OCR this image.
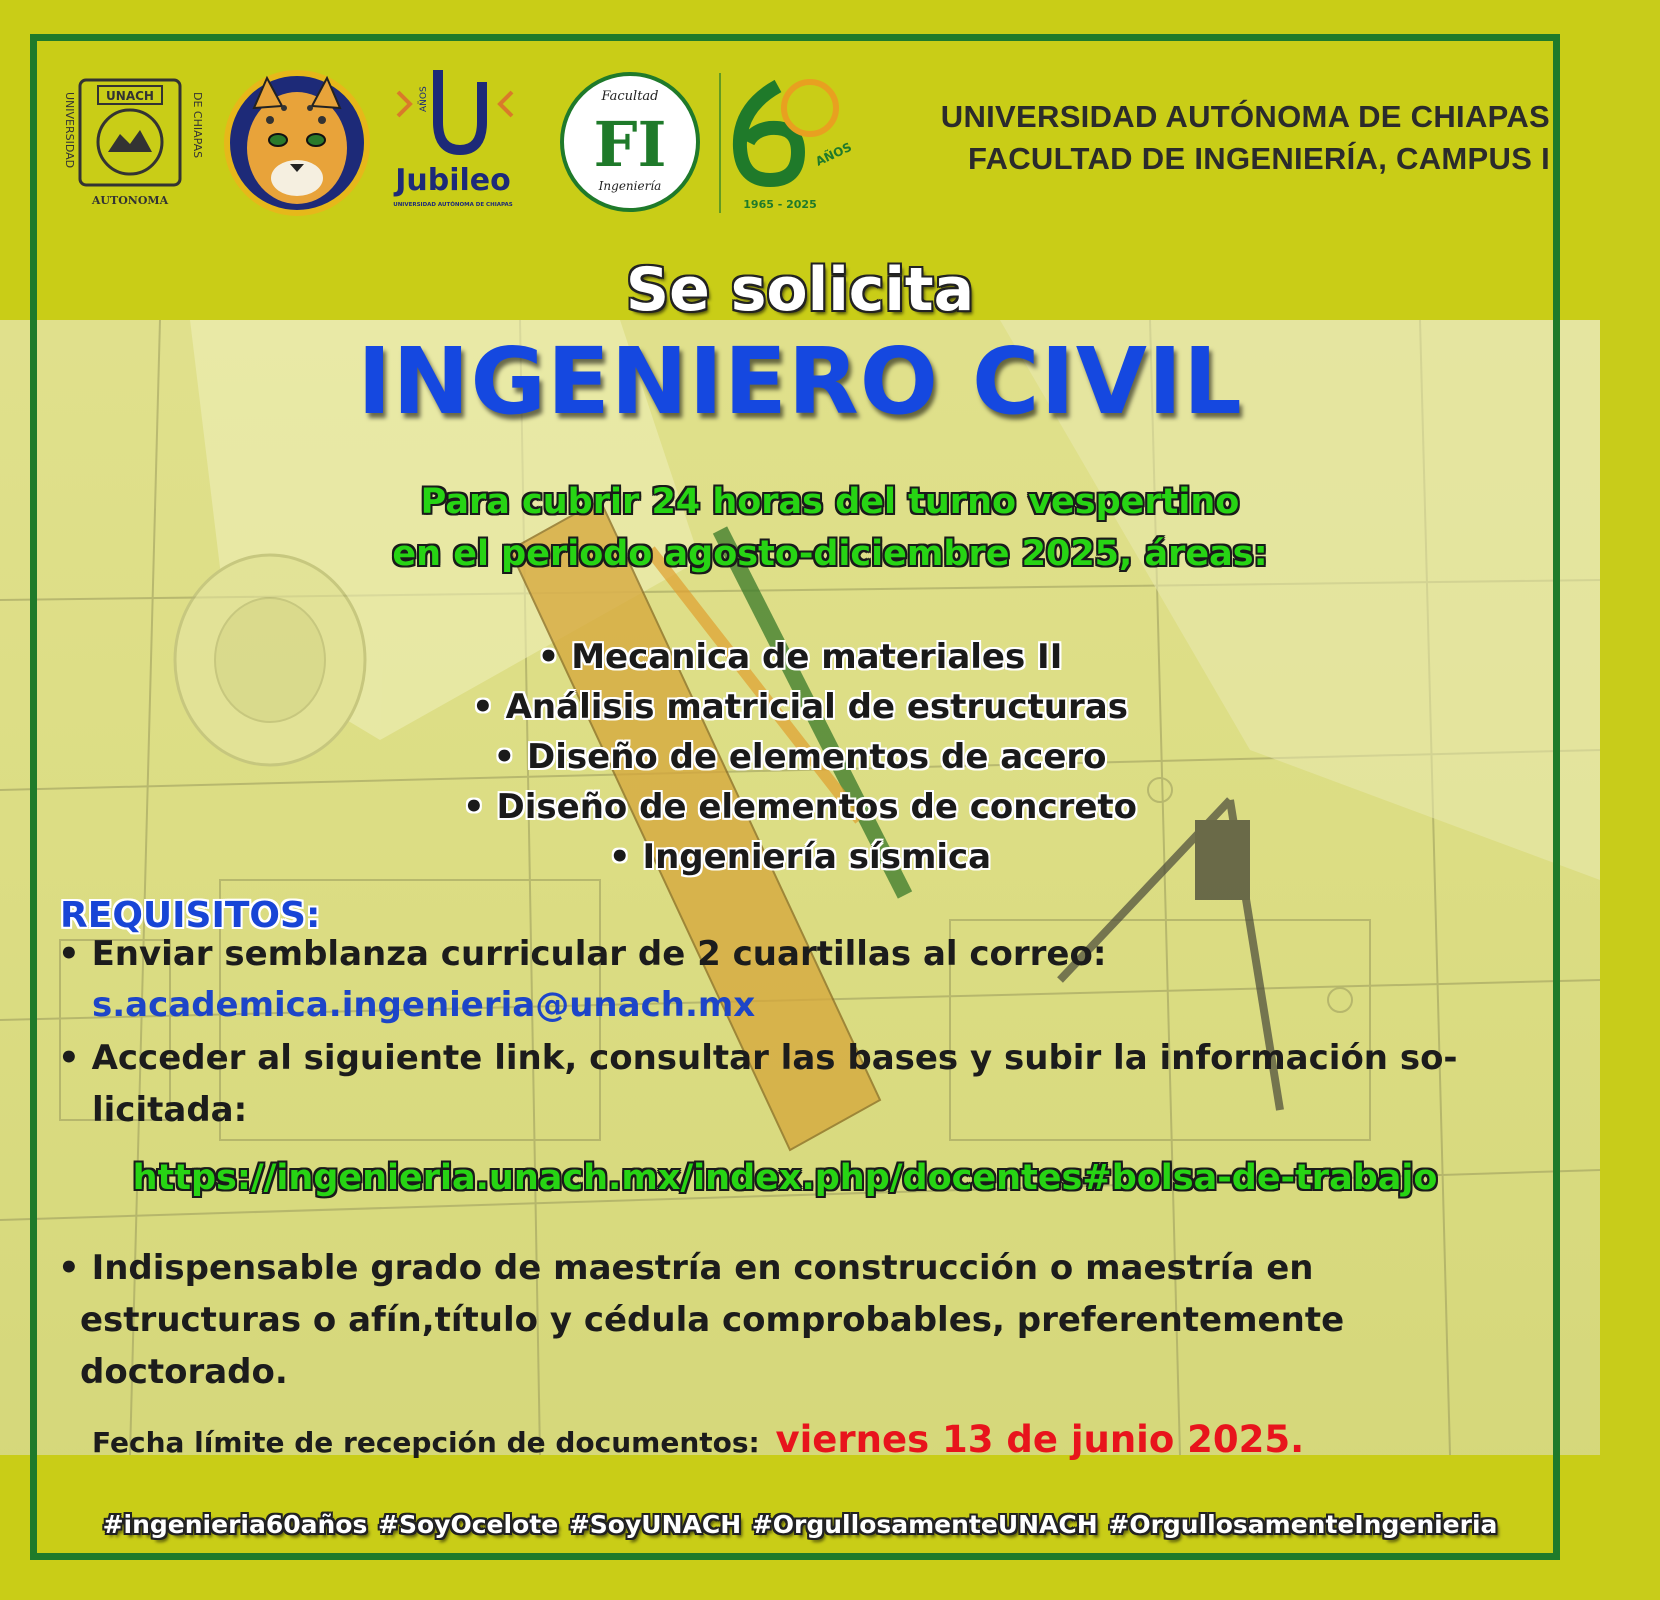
UNIVERSIDAD	DE CHIAPAS
UNACH
AUTONOMA
AÑOS
Jubileo
UNIVERSIDAD AUTÓNOMA DE CHIAPAS
Facultad
FI
Ingeniería
AÑOS
1965 - 2025
UNIVERSIDAD AUTÓNOMA DE CHIAPAS
FACULTAD DE INGENIERÍA, CAMPUS I
Se solicita
INGENIERO CIVIL
Para cubrir 24 horas del turno vespertino
en el periodo agosto-diciembre 2025, áreas:
• Mecanica de materiales II
• Análisis matricial de estructuras
• Diseño de elementos de acero
• Diseño de elementos de concreto
• Ingeniería sísmica
REQUISITOS:
• Enviar semblanza curricular de 2 cuartillas al correo:
s.academica.ingenieria@unach.mx
• Acceder al siguiente link, consultar las bases y subir la información so-
licitada:
https://ingenieria.unach.mx/index.php/docentes#bolsa-de-trabajo
• Indispensable grado de maestría en construcción o maestría en
estructuras o afín,título y cédula comprobables, preferentemente
doctorado.
Fecha límite de recepción de documentos: viernes 13 de junio 2025.
#ingenieria60años #SoyOcelote #SoyUNACH #OrgullosamenteUNACH #OrgullosamenteIngenieria
